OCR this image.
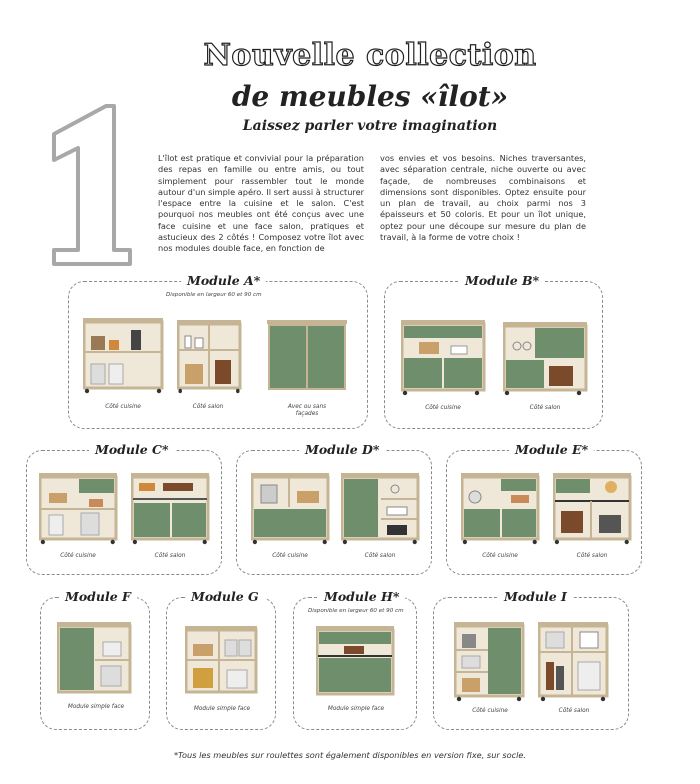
Nouvelle collection
de meubles «îlot»
Laissez parler votre imagination
L'îlot est pratique et convivial pour la préparation des repas en famille ou entre amis, ou tout simplement pour rassembler tout le monde autour d'un simple apéro. Il sert aussi à structurer l'espace entre la cuisine et le salon. C'est pourquoi nos meubles ont été conçus avec une face cuisine et une face salon, pratiques et astucieux des 2 côtés ! Composez votre îlot avec nos modules double face, en fonction de
vos envies et vos besoins. Niches traversantes, avec séparation centrale, niche ouverte ou avec façade, de nombreuses combinaisons et dimensions sont disponibles. Optez ensuite pour un plan de travail, au choix parmi nos 3 épaisseurs et 50 coloris. Et pour un îlot unique, optez pour une découpe sur mesure du plan de travail, à la forme de votre choix !
Module A*
Disponible en largeur 60 et 90 cm
Côté cuisine	Côté salon	Avec ou sans façades
Module B*
Côté cuisine	Côté salon
Module C*
Côté cuisine	Côté salon
Module D*
Côté cuisine	Côté salon
Module E*
Côté cuisine	Côté salon
Module F
Module simple face
Module G
Module simple face
Module H*
Disponible en largeur 60 et 90 cm
Module simple face
Module I
Côté cuisine	Côté salon
*Tous les meubles sur roulettes sont également disponibles en version fixe, sur socle.
